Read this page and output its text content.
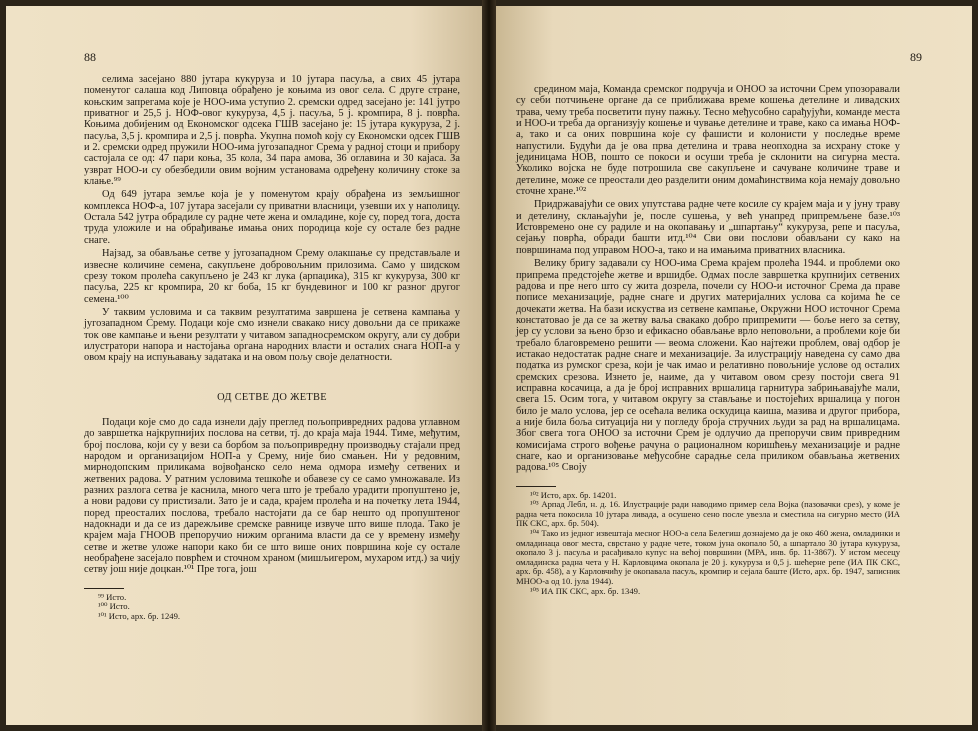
88

селима засејано 880 јутара кукуруза и 10 јутара пасуља, а свих 45 јутара поменутог салаша код Липовца обрађено је коњима из овог села. С друге стране, коњским запрегама које је НОО-има уступио 2. сремски одред засејано је: 141 јутро приватног и 25,5 ј. НОФ-овог кукуруза, 4,5 ј. пасуља, 5 ј. кромпира, 8 ј. поврћа. Коњима добијеним од Економског одсека ГШВ засејано је: 15 јутара кукуруза, 2 ј. пасуља, 3,5 ј. кромпира и 2,5 ј. поврћа. Укупна помоћ коју су Економски одсек ГШВ и 2. сремски одред пружили НОО-има југозападног Срема у радној стоци и прибору састојала се од: 47 пари коња, 35 кола, 34 пара амова, 36 оглавина и 30 кајаса. За узврат НОО-и су обезбедили овим војним установама одређену количину стоке за клање.⁹⁹

Од 649 јутара земље која је у поменутом крају обрађена из земљишног комплекса НОФ-а, 107 јутара засејали су приватни власници, узевши их у наполицу. Остала 542 јутра обрадиле су радне чете жена и омладине, које су, поред тога, доста труда уложиле и на обрађивање имања оних породица које су остале без радне снаге.

Најзад, за обављање сетве у југозападном Срему олакшање су представљале и извесне количине семена, сакупљене добровољним прилозима. Само у шидском срезу током пролећа сакупљено је 243 кг лука (арпаџика), 315 кг кукуруза, 300 кг пасуља, 225 кг кромпира, 20 кг боба, 15 кг бундевиног и 100 кг разног другог семена.¹⁰⁰

У таквим условима и са таквим резултатима завршена је сетвена кампања у југозападном Срему. Подаци које смо изнели свакако нису довољни да се прикаже ток ове кампање и њени резултати у читавом западносремском округу, али су добри илустратори напора и настојања органа народних власти и осталих снага НОП-а у овом крају на испуњавању задатака и на овом пољу своје делатности.

ОД СЕТВЕ ДО ЖЕТВЕ

Подаци које смо до сада изнели дају преглед пољопривредних радова углавном до завршетка најкрупнијих послова на сетви, тј. до краја маја 1944. Тиме, међутим, број послова, који су у вези са борбом за пољопривредну производњу стајали пред народом и организацијом НОП-а у Срему, није био смањен. Ни у редовним, мирнодопским приликама војвођанско село нема одмора између сетвених и жетвених радова. У ратним условима тешкоће и обавезе су се само умножавале. Из разних разлога сетва је каснила, много чега што је требало урадити пропуштено је, а нови радови су пристизали. Зато је и сада, крајем пролећа и на почетку лета 1944, поред преосталих послова, требало настојати да се бар нешто од пропуштеног надокнади и да се из дарежљиве сремске равнице извуче што више плода. Тако је крајем маја ГНООВ препоручио нижим органима власти да се у времену између сетве и жетве уложе напори како би се што више оних површина које су остале необрађене засејало поврћем и сточном храном (мишљигером, мухаром итд.) за чију сетву још није доцкан.¹⁰¹ Пре тога, још

⁹⁹ Исто.
¹⁰⁰ Исто.
¹⁰¹ Исто, арх. бр. 1249.
89

средином маја, Команда сремског подручја и ОНОО за источни Срем упозоравали су себи потчињене органе да се приближава време кошења детелине и ливадских трава, чему треба посветити пуну пажњу. Тесно међусобно сарађујући, команде места и НОО-и треба да организују кошење и чување детелине и траве, како са имања НОФ-а, тако и са оних површина које су фашисти и колонисти у последње време напустили. Будући да је ова прва детелина и трава неопходна за исхрану стоке у јединицама НОВ, пошто се покоси и осуши треба је склонити на сигурна места. Уколико војска не буде потрошила све сакупљене и сачуване количине траве и детелине, може се преостали део разделити оним домаћинствима која немају довољно сточне хране.¹⁰²

Придржавајући се ових упутстава радне чете косиле су крајем маја и у јуну траву и детелину, склањајући је, после сушења, у већ унапред припремљене базе.¹⁰³ Истовремено оне су радиле и на окопавању и „шпартању“ кукуруза, репе и пасуља, сејању поврћа, обради башти итд.¹⁰⁴ Сви ови послови обављани су како на површинама под управом НОО-а, тако и на имањима приватних власника.

Велику бригу задавали су НОО-има Срема крајем пролећа 1944. и проблеми око припрема предстојеће жетве и вршидбе. Одмах после завршетка крупнијих сетвених радова и пре него што су жита дозрела, почели су НОО-и источног Срема да праве пописе механизације, радне снаге и других материјалних услова са којима ће се дочекати жетва. На бази искуства из сетвене кампање, Окружни НОО источног Срема констатовао је да се за жетву ваља свакако добро припремити — боље него за сетву, јер су услови за њено брзо и ефикасно обављање врло неповољни, а проблеми које би требало благовремено решити — веома сложени. Као најтежи проблем, овај одбор је истакао недостатак радне снаге и механизације. За илустрацију наведена су само два податка из румског среза, који је чак имао и релативно повољније услове од осталих сремских срезова. Изнето је, наиме, да у читавом овом срезу постоји свега 91 исправна косачица, а да је број исправних вршалица гарнитура забрињавајуће мали, свега 15. Осим тога, у читавом округу за стављање и постојећих вршалица у погон било је мало услова, јер се осећала велика оскудица каиша, мазива и другог прибора, а није била боља ситуација ни у погледу броја стручних људи за рад на вршалицама. Због свега тога ОНОО за источни Срем је одлучио да препоручи свим привредним комисијама строго вођење рачуна о рационалном коришћењу механизације и радне снаге, као и организовање међусобне сарадње села приликом обављања жетвених радова.¹⁰⁵ Своју

¹⁰² Исто, арх. бр. 14201.
¹⁰³ Арпад Лебл, н. д. 16. Илустрације ради наводимо пример села Војка (пазовачки срез), у коме је радна чета покосила 10 јутара ливада, а осушено сено после увезла и сместила на сигурно место (ИА ПК СКС, арх. бр. 504).
¹⁰⁴ Тако из једног извештаја месног НОО-а села Белегиш дознајемо да је око 460 жена, омладинки и омладинаца овог места, сврстано у радне чете, током јуна окопало 50, а шпартало 30 јутара кукуруза, окопало 3 ј. пасуља и расађивало купус на већој површини (МРА, инв. бр. 11-3867). У истом месецу омладинска радна чета у Н. Карловцима окопала је 20 ј. кукуруза и 0,5 ј. шећерне репе (ИА ПК СКС, арх. бр. 458), а у Карловчићу је окопавала пасуљ, кромпир и сејала баште (Исто, арх. бр. 1947, записник МНОО-а од 10. јула 1944).
¹⁰⁵ ИА ПК СКС, арх. бр. 1349.
